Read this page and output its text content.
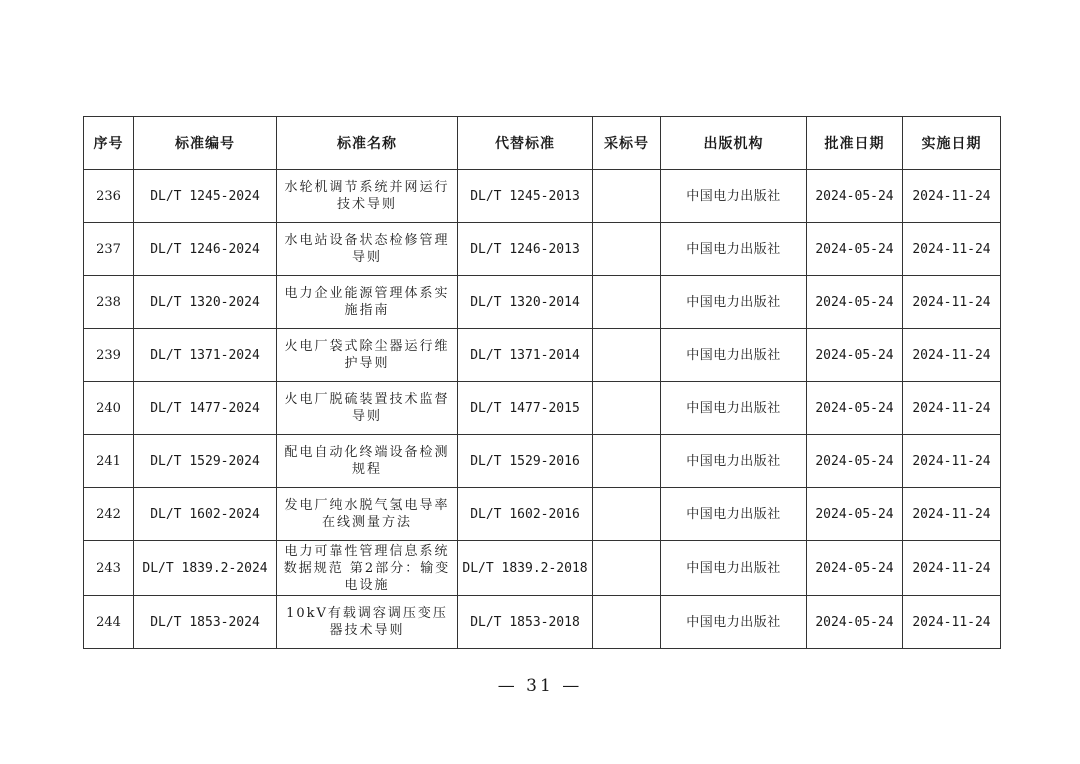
序号	标准编号	标准名称	代替标准	采标号	出版机构	批准日期	实施日期
236	DL/T 1245-2024	水轮机调节系统并网运行技术导则	DL/T 1245-2013		中国电力出版社	2024-05-24	2024-11-24
237	DL/T 1246-2024	水电站设备状态检修管理导则	DL/T 1246-2013		中国电力出版社	2024-05-24	2024-11-24
238	DL/T 1320-2024	电力企业能源管理体系实施指南	DL/T 1320-2014		中国电力出版社	2024-05-24	2024-11-24
239	DL/T 1371-2024	火电厂袋式除尘器运行维护导则	DL/T 1371-2014		中国电力出版社	2024-05-24	2024-11-24
240	DL/T 1477-2024	火电厂脱硫装置技术监督导则	DL/T 1477-2015		中国电力出版社	2024-05-24	2024-11-24
241	DL/T 1529-2024	配电自动化终端设备检测规程	DL/T 1529-2016		中国电力出版社	2024-05-24	2024-11-24
242	DL/T 1602-2024	发电厂纯水脱气氢电导率在线测量方法	DL/T 1602-2016		中国电力出版社	2024-05-24	2024-11-24
243	DL/T 1839.2-2024	电力可靠性管理信息系统数据规范 第2部分：输变电设施	DL/T 1839.2-2018		中国电力出版社	2024-05-24	2024-11-24
244	DL/T 1853-2024	10kV有载调容调压变压器技术导则	DL/T 1853-2018		中国电力出版社	2024-05-24	2024-11-24
— 31 —
